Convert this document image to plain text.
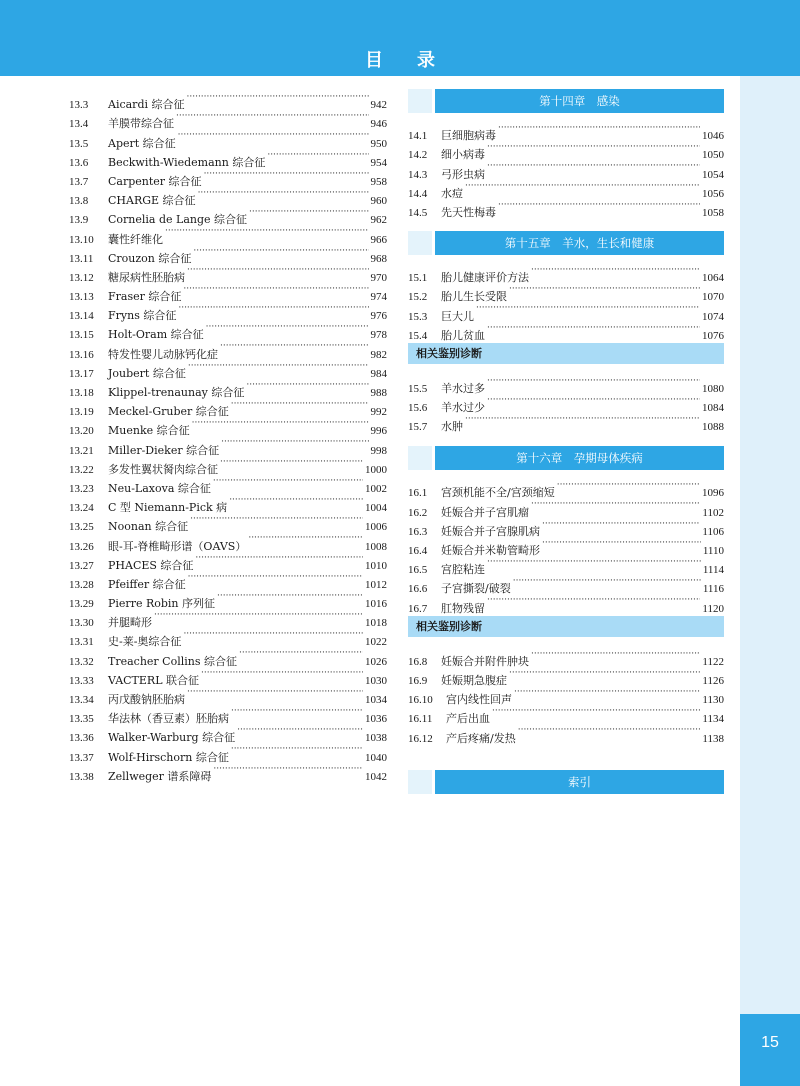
目录
15
13.3	Aicardi 综合征 ·····	942
13.4	羊膜带综合征 ·····	946
13.5	Apert 综合征 ·····	950
13.6	Beckwith-Wiedemann 综合征 ·····	954
13.7	Carpenter 综合征 ·····	958
13.8	CHARGE 综合征 ·····	960
13.9	Cornelia de Lange 综合征 ·····	962
13.10	囊性纤维化 ·····	966
13.11	Crouzon 综合征 ·····	968
13.12	糖尿病性胚胎病 ·····	970
13.13	Fraser 综合征 ·····	974
13.14	Fryns 综合征 ·····	976
13.15	Holt-Oram 综合征 ·····	978
13.16	特发性婴儿动脉钙化症 ·····	982
13.17	Joubert 综合征 ·····	984
13.18	Klippel-trenaunay 综合征 ·····	988
13.19	Meckel-Gruber 综合征 ·····	992
13.20	Muenke 综合征 ·····	996
13.21	Miller-Dieker 综合征 ·····	998
13.22	多发性翼状胬肉综合征 ·····	1000
13.23	Neu-Laxova 综合征 ·····	1002
13.24	C 型 Niemann-Pick 病 ·····	1004
13.25	Noonan 综合征 ·····	1006
13.26	眼-耳-脊椎畸形谱（OAVS） ·····	1008
13.27	PHACES 综合征 ·····	1010
13.28	Pfeiffer 综合征 ·····	1012
13.29	Pierre Robin 序列征 ·····	1016
13.30	并腿畸形 ·····	1018
13.31	史-莱-奥综合征 ·····	1022
13.32	Treacher Collins 综合征 ·····	1026
13.33	VACTERL 联合征 ·····	1030
13.34	丙戊酸钠胚胎病 ·····	1034
13.35	华法林（香豆素）胚胎病 ·····	1036
13.36	Walker-Warburg 综合征 ·····	1038
13.37	Wolf-Hirschorn 综合征 ·····	1040
13.38	Zellweger 谱系障碍 ·····	1042
第十四章　感染
14.1	巨细胞病毒 ·····	1046
14.2	细小病毒 ·····	1050
14.3	弓形虫病 ·····	1054
14.4	水痘 ·····	1056
14.5	先天性梅毒 ·····	1058
第十五章　羊水，生长和健康
15.1	胎儿健康评价方法 ·····	1064
15.2	胎儿生长受限 ·····	1070
15.3	巨大儿 ·····	1074
15.4	胎儿贫血 ·····	1076
相关鉴别诊断
15.5	羊水过多 ·····	1080
15.6	羊水过少 ·····	1084
15.7	水肿 ·····	1088
第十六章　孕期母体疾病
16.1	宫颈机能不全/宫颈缩短 ·····	1096
16.2	妊娠合并子宫肌瘤 ·····	1102
16.3	妊娠合并子宫腺肌病 ·····	1106
16.4	妊娠合并米勒管畸形 ·····	1110
16.5	宫腔粘连 ·····	1114
16.6	子宫撕裂/破裂 ·····	1116
16.7	肛物残留 ·····	1120
相关鉴别诊断
16.8	妊娠合并附件肿块 ·····	1122
16.9	妊娠期急腹症 ·····	1126
16.10	宫内线性回声 ·····	1130
16.11	产后出血 ·····	1134
16.12	产后疼痛/发热 ·····	1138
索引
